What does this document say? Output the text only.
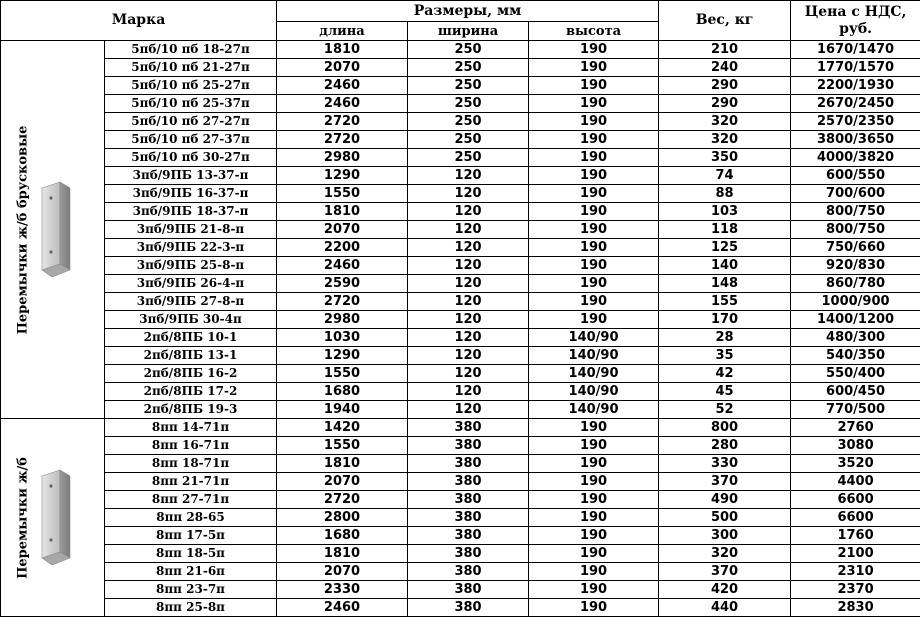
Марка		Размеры, мм			Вес, кг	Цена с НДС,
руб.

		длина	ширина	высота		

Перемычки ж/б брусковые	5пб/10 пб 18-27п	1810	250	190	210	1670/1470
	5пб/10 пб 21-27п	2070	250	190	240	1770/1570
	5пб/10 пб 25-27п	2460	250	190	290	2200/1930
	5пб/10 пб 25-37п	2460	250	190	290	2670/2450
	5пб/10 пб 27-27п	2720	250	190	320	2570/2350
	5пб/10 пб 27-37п	2720	250	190	320	3800/3650
	5пб/10 пб 30-27п	2980	250	190	350	4000/3820
	3пб/9ПБ 13-37-п	1290	120	190	74	600/550
	3пб/9ПБ 16-37-п	1550	120	190	88	700/600
	3пб/9ПБ 18-37-п	1810	120	190	103	800/750
	3пб/9ПБ 21-8-п	2070	120	190	118	800/750
	3пб/9ПБ 22-3-п	2200	120	190	125	750/660
	3пб/9ПБ 25-8-п	2460	120	190	140	920/830
	3пб/9ПБ 26-4-п	2590	120	190	148	860/780
	3пб/9ПБ 27-8-п	2720	120	190	155	1000/900
	3пб/9ПБ 30-4п	2980	120	190	170	1400/1200
	2пб/8ПБ 10-1	1030	120	140/90	28	480/300
	2пб/8ПБ 13-1	1290	120	140/90	35	540/350
	2пб/8ПБ 16-2	1550	120	140/90	42	550/400
	2пб/8ПБ 17-2	1680	120	140/90	45	600/450
	2пб/8ПБ 19-3	1940	120	140/90	52	770/500

Перемычки ж/б	8пп 14-71п	1420	380	190	800	2760
	8пп 16-71п	1550	380	190	280	3080
	8пп 18-71п	1810	380	190	330	3520
	8пп 21-71п	2070	380	190	370	4400
	8пп 27-71п	2720	380	190	490	6600
	8пп 28-65	2800	380	190	500	6600
	8пп 17-5п	1680	380	190	300	1760
	8пп 18-5п	1810	380	190	320	2100
	8пп 21-6п	2070	380	190	370	2310
	8пп 23-7п	2330	380	190	420	2370
	8пп 25-8п	2460	380	190	440	2830
